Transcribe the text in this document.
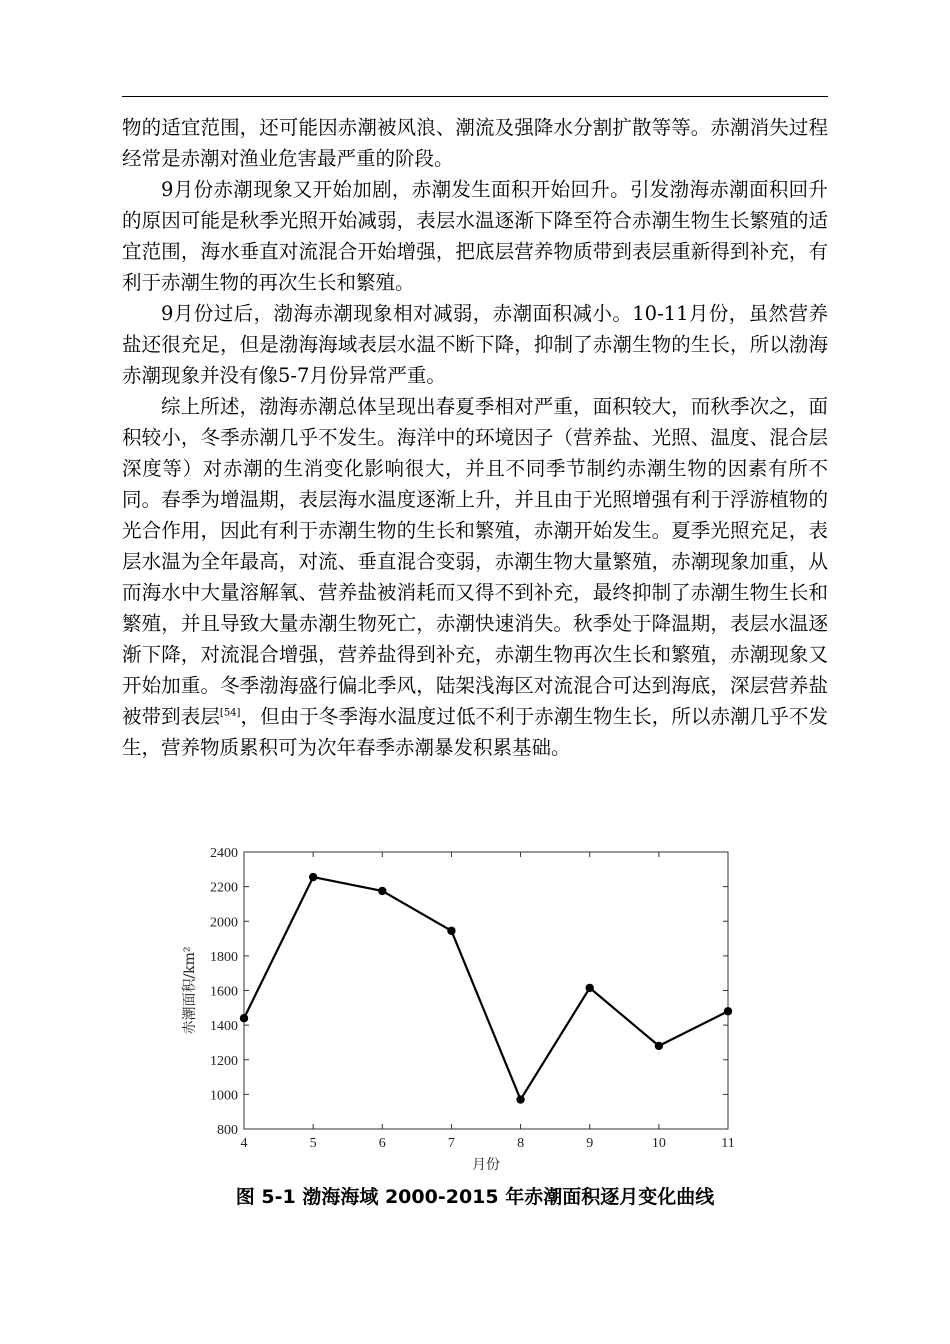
物的适宜范围，还可能因赤潮被风浪、潮流及强降水分割扩散等等。赤潮消失过程经常是赤潮对渔业危害最严重的阶段。

9月份赤潮现象又开始加剧，赤潮发生面积开始回升。引发渤海赤潮面积回升的原因可能是秋季光照开始减弱，表层水温逐渐下降至符合赤潮生物生长繁殖的适宜范围，海水垂直对流混合开始增强，把底层营养物质带到表层重新得到补充，有利于赤潮生物的再次生长和繁殖。

9月份过后，渤海赤潮现象相对减弱，赤潮面积减小。10-11月份，虽然营养盐还很充足，但是渤海海域表层水温不断下降，抑制了赤潮生物的生长，所以渤海赤潮现象并没有像5-7月份异常严重。

综上所述，渤海赤潮总体呈现出春夏季相对严重，面积较大，而秋季次之，面积较小，冬季赤潮几乎不发生。海洋中的环境因子（营养盐、光照、温度、混合层深度等）对赤潮的生消变化影响很大，并且不同季节制约赤潮生物的因素有所不同。春季为增温期，表层海水温度逐渐上升，并且由于光照增强有利于浮游植物的光合作用，因此有利于赤潮生物的生长和繁殖，赤潮开始发生。夏季光照充足，表层水温为全年最高，对流、垂直混合变弱，赤潮生物大量繁殖，赤潮现象加重，从而海水中大量溶解氧、营养盐被消耗而又得不到补充，最终抑制了赤潮生物生长和繁殖，并且导致大量赤潮生物死亡，赤潮快速消失。秋季处于降温期，表层水温逐渐下降，对流混合增强，营养盐得到补充，赤潮生物再次生长和繁殖，赤潮现象又开始加重。冬季渤海盛行偏北季风，陆架浅海区对流混合可达到海底，深层营养盐被带到表层[54]，但由于冬季海水温度过低不利于赤潮生物生长，所以赤潮几乎不发生，营养物质累积可为次年春季赤潮暴发积累基础。

800
1000
1200
1400
1600
1800
2000
2200
2400
4	5	6	7	8	9	10	11
月份
赤潮面积/km²
图 5-1 渤海海域 2000-2015 年赤潮面积逐月变化曲线
